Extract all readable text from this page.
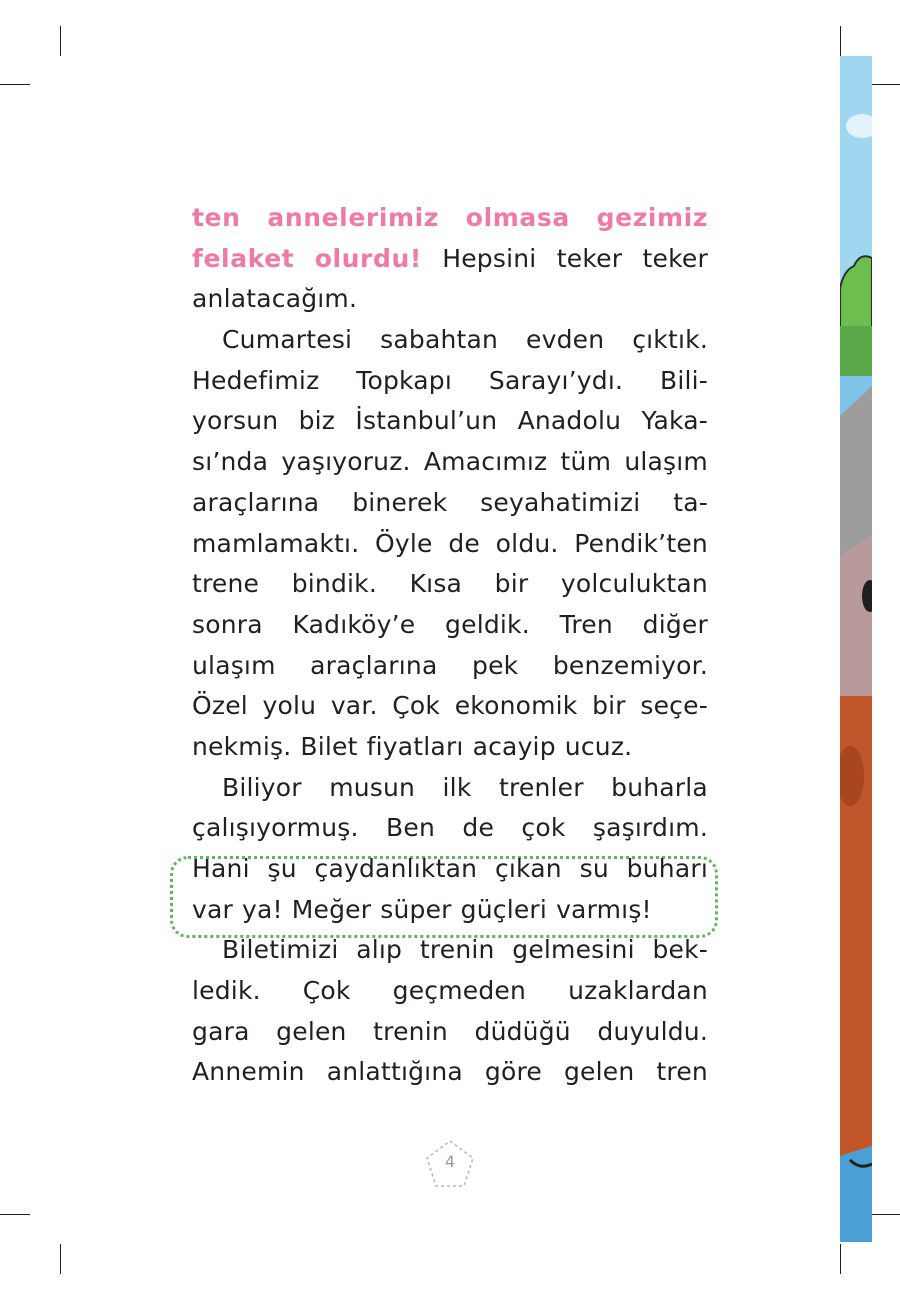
ten annelerimiz olmasa gezimiz
felaket olurdu! Hepsini teker teker
anlatacağım.
Cumartesi sabahtan evden çıktık.
Hedefimiz Topkapı Sarayı’ydı. Bili-
yorsun biz İstanbul’un Anadolu Yaka-
sı’nda yaşıyoruz. Amacımız tüm ulaşım
araçlarına binerek seyahatimizi ta-
mamlamaktı. Öyle de oldu. Pendik’ten
trene bindik. Kısa bir yolculuktan
sonra Kadıköy’e geldik. Tren diğer
ulaşım araçlarına pek benzemiyor.
Özel yolu var. Çok ekonomik bir seçe-
nekmiş. Bilet fiyatları acayip ucuz.
Biliyor musun ilk trenler buharla
çalışıyormuş. Ben de çok şaşırdım.
Hani şu çaydanlıktan çıkan su buharı
var ya! Meğer süper güçleri varmış!
Biletimizi alıp trenin gelmesini bek-
ledik. Çok geçmeden uzaklardan
gara gelen trenin düdüğü duyuldu.
Annemin anlattığına göre gelen tren
4
